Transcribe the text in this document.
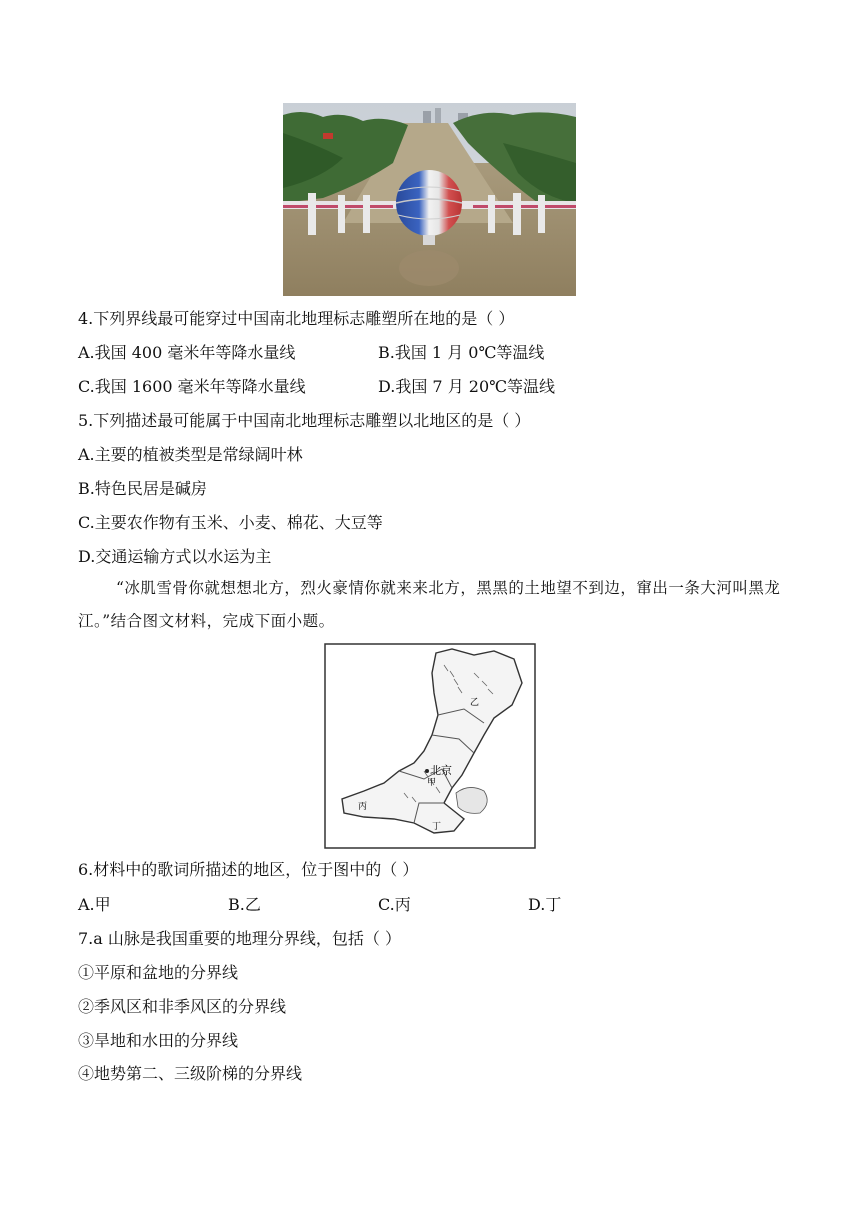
4.下列界线最可能穿过中国南北地理标志雕塑所在地的是（ ）
A.我国 400 毫米年等降水量线	B.我国 1 月 0℃等温线
C.我国 1600 毫米年等降水量线	D.我国 7 月 20℃等温线
5.下列描述最可能属于中国南北地理标志雕塑以北地区的是（ ）
A.主要的植被类型是常绿阔叶林
B.特色民居是碱房
C.主要农作物有玉米、小麦、棉花、大豆等
D.交通运输方式以水运为主
“冰肌雪骨你就想想北方，烈火豪情你就来来北方，黑黑的土地望不到边，窜出一条大河叫黑龙江。”结合图文材料，完成下面小题。
北京
甲
乙
丙
丁
6.材料中的歌词所描述的地区，位于图中的（ ）
A.甲	B.乙	C.丙	D.丁
7.a 山脉是我国重要的地理分界线，包括（ ）
①平原和盆地的分界线
②季风区和非季风区的分界线
③旱地和水田的分界线
④地势第二、三级阶梯的分界线
